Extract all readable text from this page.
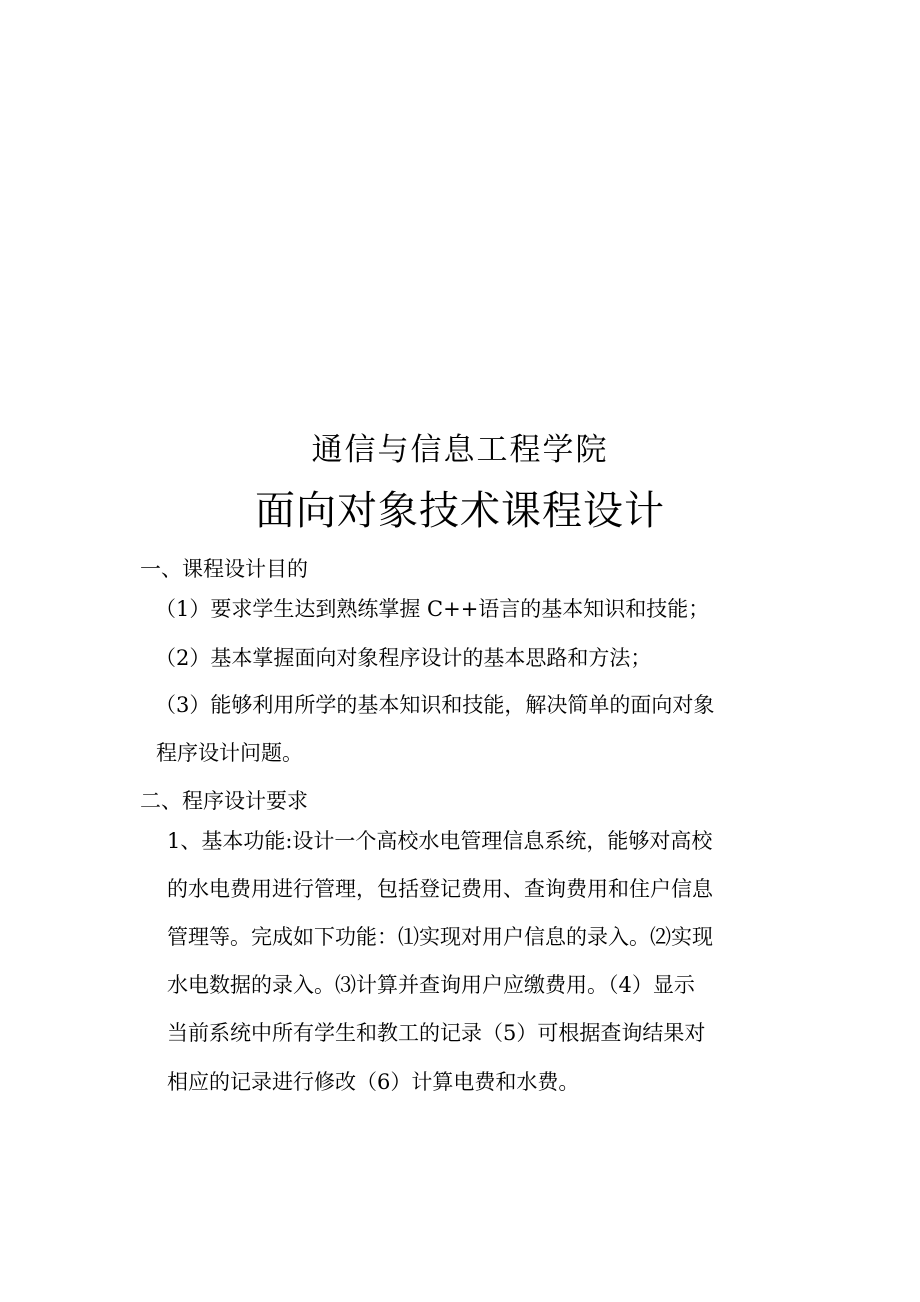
通信与信息工程学院
面向对象技术课程设计
一、课程设计目的
（1）要求学生达到熟练掌握 C++语言的基本知识和技能；
（2）基本掌握面向对象程序设计的基本思路和方法；
（3）能够利用所学的基本知识和技能，解决简单的面向对象
程序设计问题。
二、程序设计要求
1、基本功能:设计一个高校水电管理信息系统，能够对高校
的水电费用进行管理，包括登记费用、查询费用和住户信息
管理等。完成如下功能：⑴实现对用户信息的录入。⑵实现
水电数据的录入。⑶计算并查询用户应缴费用。（4）显示
当前系统中所有学生和教工的记录（5）可根据查询结果对
相应的记录进行修改（6）计算电费和水费。
